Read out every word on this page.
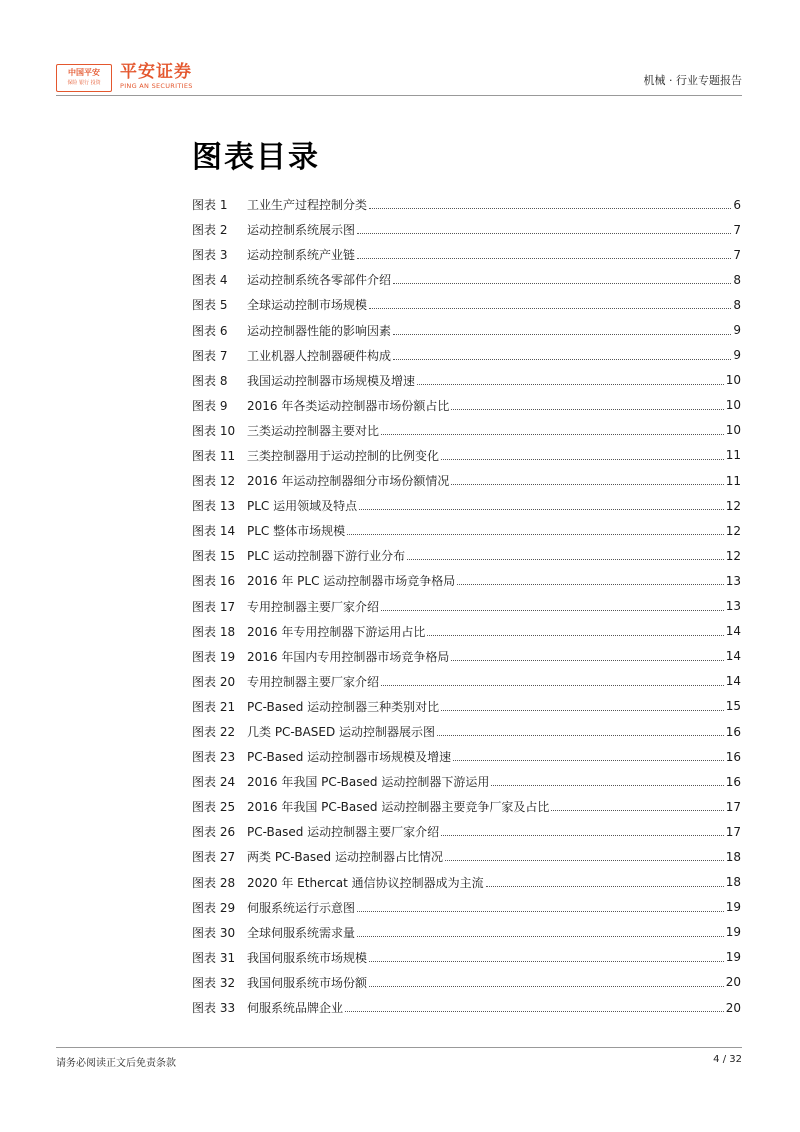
中国平安
保险 银行 投资
平安证券
PING AN SECURITIES	机械 · 行业专题报告
图表目录
图表 1	工业生产过程控制分类	6
图表 2	运动控制系统展示图	7
图表 3	运动控制系统产业链	7
图表 4	运动控制系统各零部件介绍	8
图表 5	全球运动控制市场规模	8
图表 6	运动控制器性能的影响因素	9
图表 7	工业机器人控制器硬件构成	9
图表 8	我国运动控制器市场规模及增速	10
图表 9	2016 年各类运动控制器市场份额占比	10
图表 10 三类运动控制器主要对比	10
图表 11 三类控制器用于运动控制的比例变化	11
图表 12 2016 年运动控制器细分市场份额情况	11
图表 13 PLC 运用领域及特点	12
图表 14 PLC 整体市场规模	12
图表 15 PLC 运动控制器下游行业分布	12
图表 16 2016 年 PLC 运动控制器市场竞争格局	13
图表 17 专用控制器主要厂家介绍	13
图表 18 2016 年专用控制器下游运用占比	14
图表 19 2016 年国内专用控制器市场竞争格局	14
图表 20 专用控制器主要厂家介绍	14
图表 21 PC-Based 运动控制器三种类别对比	15
图表 22 几类 PC-BASED 运动控制器展示图	16
图表 23 PC-Based 运动控制器市场规模及增速	16
图表 24 2016 年我国 PC-Based 运动控制器下游运用	16
图表 25 2016 年我国 PC-Based 运动控制器主要竞争厂家及占比	17
图表 26 PC-Based 运动控制器主要厂家介绍	17
图表 27 两类 PC-Based 运动控制器占比情况	18
图表 28 2020 年 Ethercat 通信协议控制器成为主流	18
图表 29 伺服系统运行示意图	19
图表 30 全球伺服系统需求量	19
图表 31 我国伺服系统市场规模	19
图表 32 我国伺服系统市场份额	20
图表 33 伺服系统品牌企业	20
请务必阅读正文后免责条款	4 / 32
